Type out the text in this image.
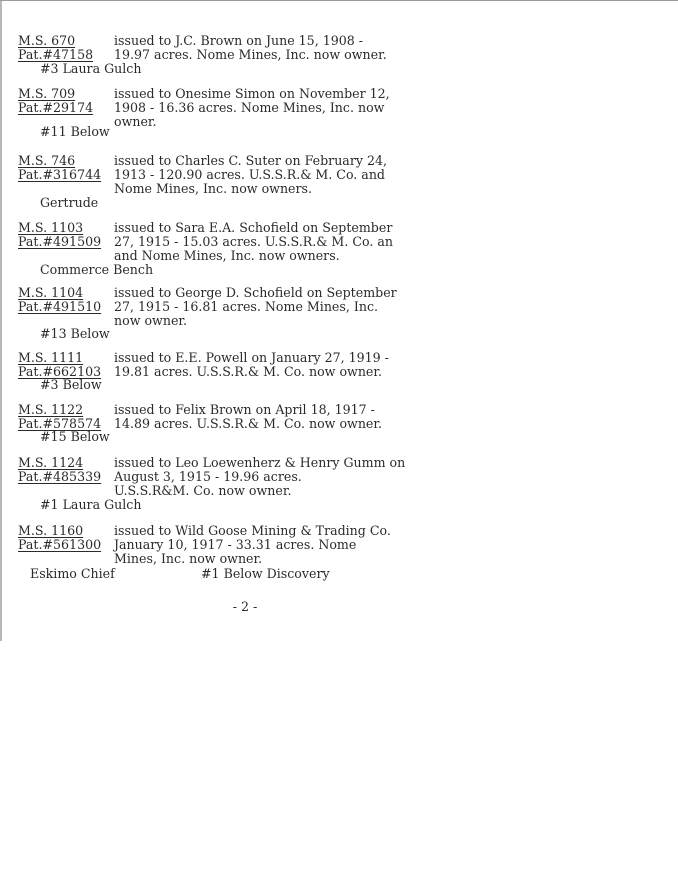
M.S. 670
Pat.#47158
issued to J.C. Brown on June 15, 1908 -
19.97 acres. Nome Mines, Inc. now owner.
#3 Laura Gulch
M.S. 709
Pat.#29174
issued to Onesime Simon on November 12,
1908 - 16.36 acres. Nome Mines, Inc. now
owner.
#11 Below
M.S. 746
Pat.#316744
issued to Charles C. Suter on February 24,
1913 - 120.90 acres. U.S.S.R.& M. Co. and
Nome Mines, Inc. now owners.
Gertrude
M.S. 1103
Pat.#491509
issued to Sara E.A. Schofield on September
27, 1915 - 15.03 acres. U.S.S.R.& M. Co. an
and Nome Mines, Inc. now owners.
Commerce Bench
M.S. 1104
Pat.#491510
issued to George D. Schofield on September
27, 1915 - 16.81 acres. Nome Mines, Inc.
now owner.
#13 Below
M.S. 1111
Pat.#662103
issued to E.E. Powell on January 27, 1919 -
19.81 acres. U.S.S.R.& M. Co. now owner.
#3 Below
M.S. 1122
Pat.#578574
issued to Felix Brown on April 18, 1917 -
14.89 acres. U.S.S.R.& M. Co. now owner.
#15 Below
M.S. 1124
Pat.#485339
issued to Leo Loewenherz & Henry Gumm on
August 3, 1915 - 19.96 acres.
U.S.S.R&M. Co. now owner.
#1 Laura Gulch
M.S. 1160
Pat.#561300
issued to Wild Goose Mining & Trading Co.
January 10, 1917 - 33.31 acres. Nome
Mines, Inc. now owner.
Eskimo Chief	#1 Below Discovery
- 2 -
